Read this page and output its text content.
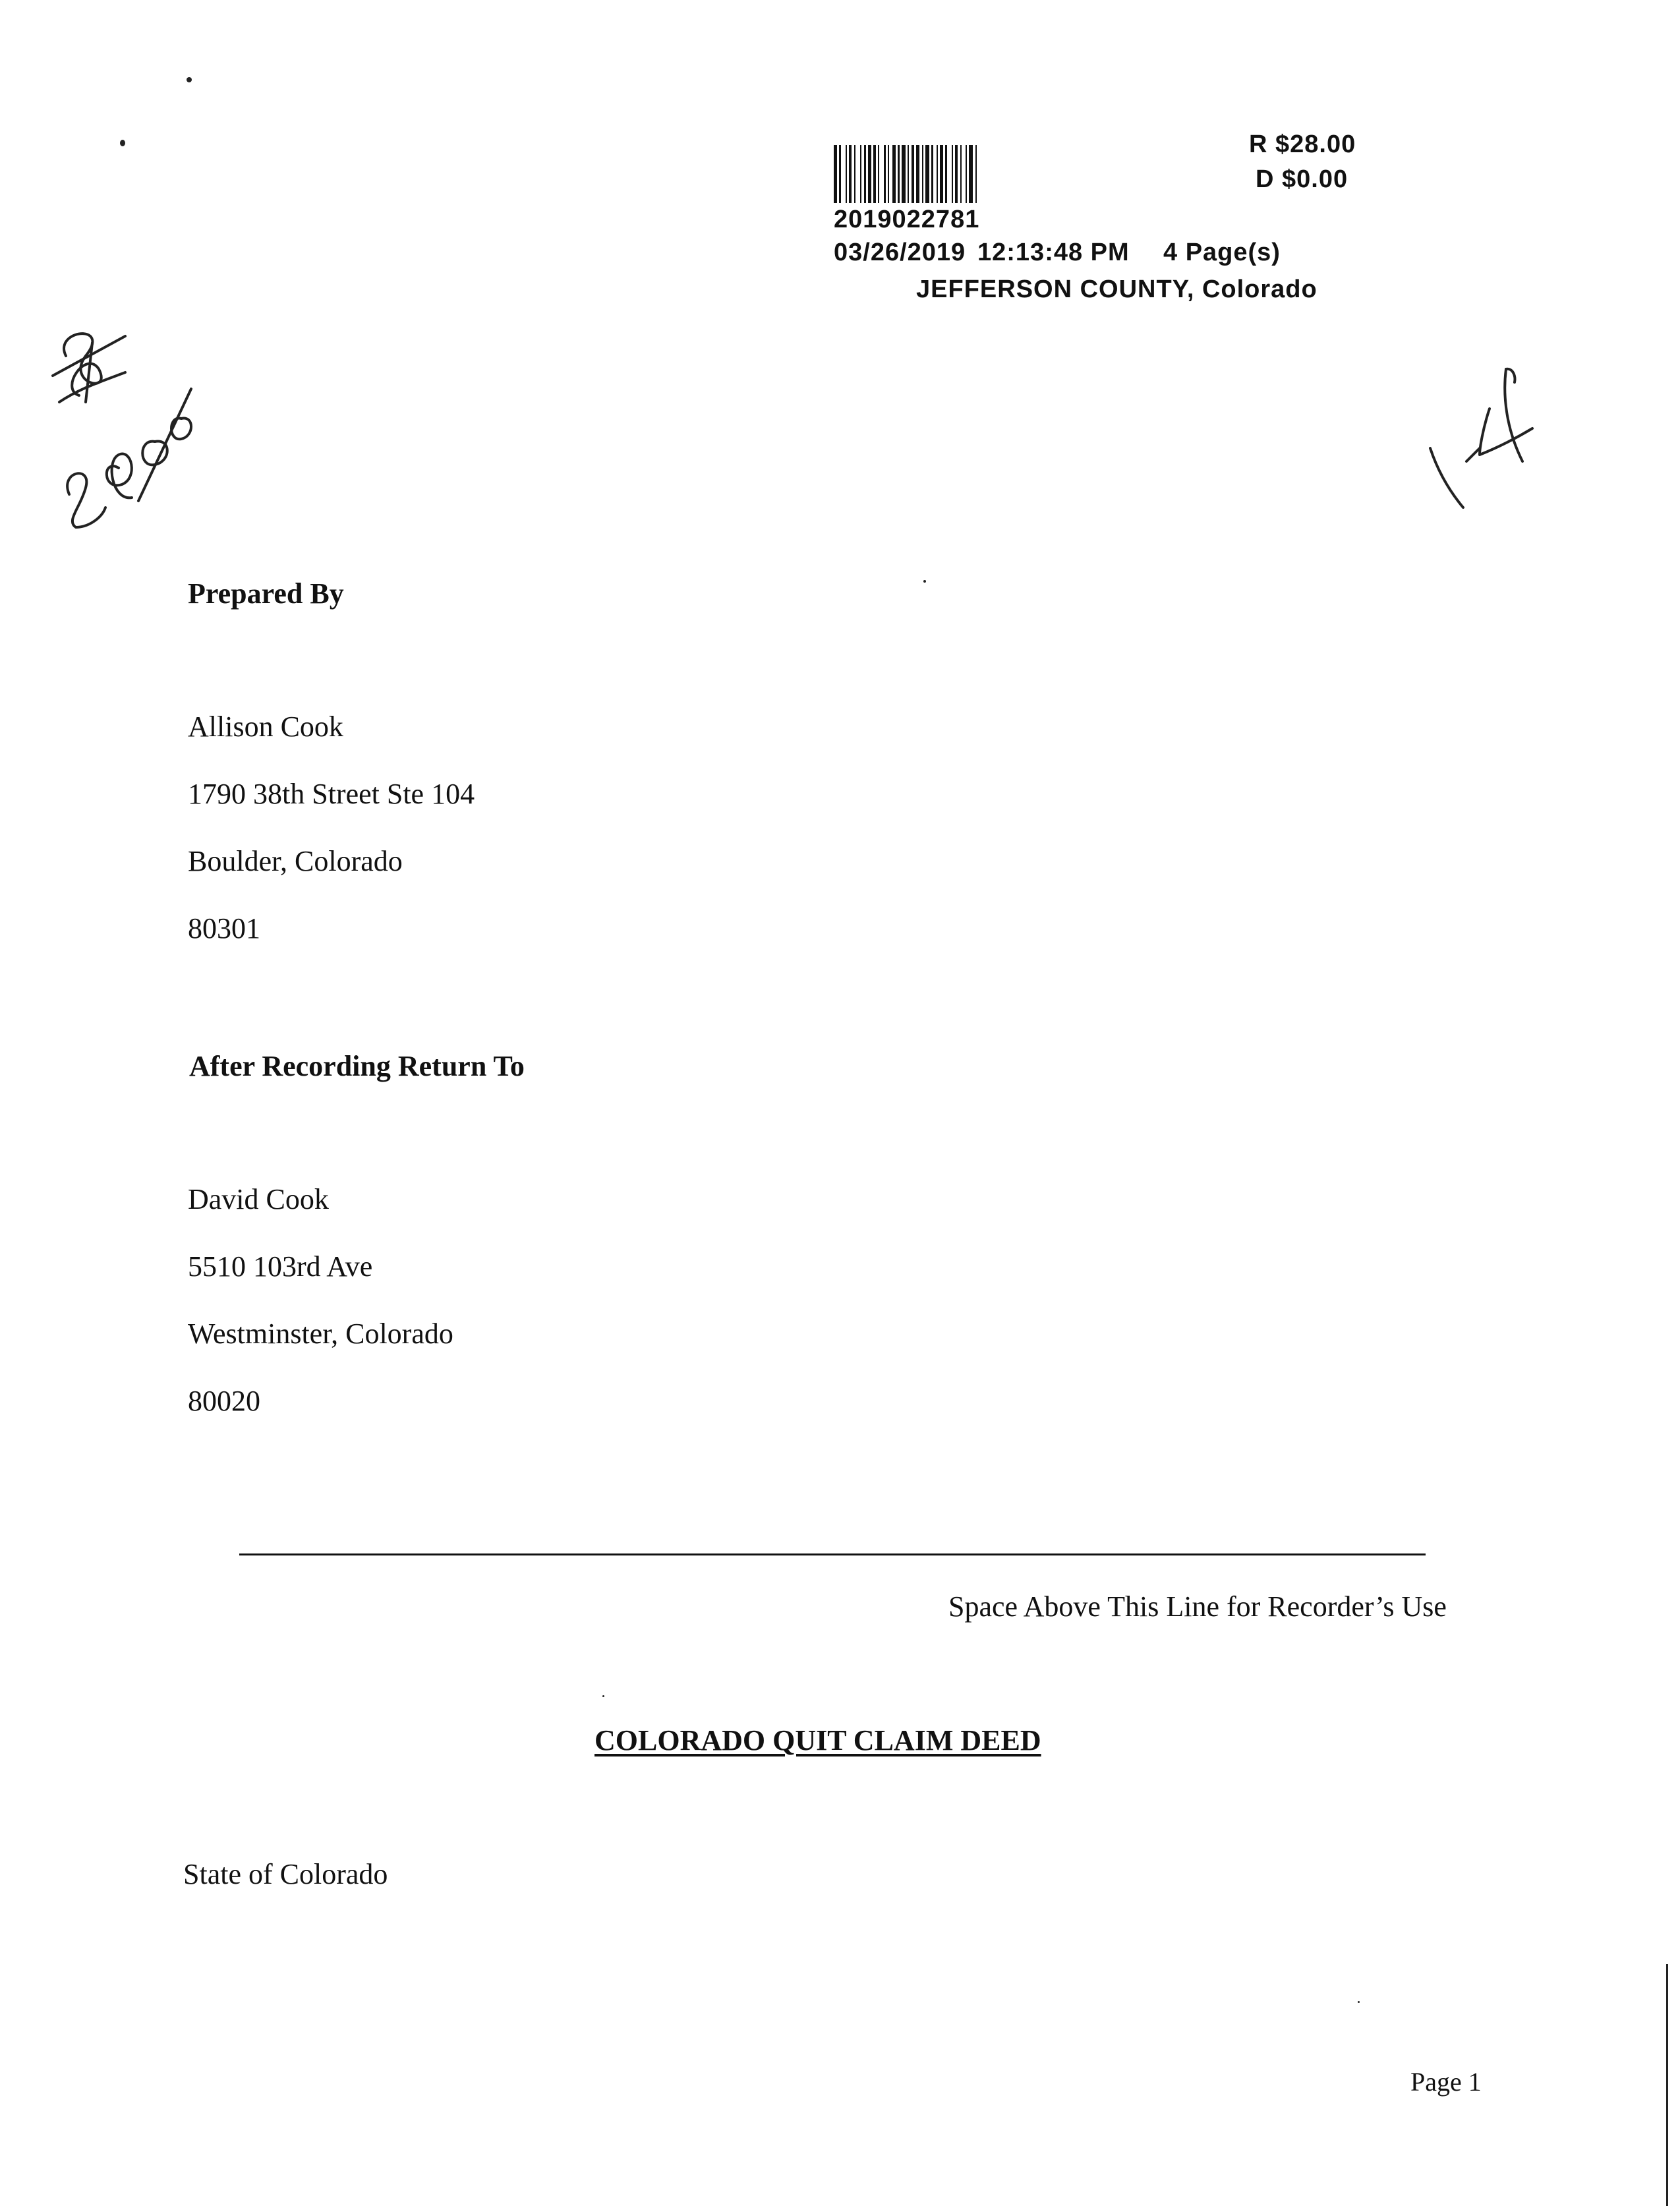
R $28.00
D $0.00
2019022781
03/26/2019 12:13:48 PM 4 Page(s)
JEFFERSON COUNTY, Colorado
Prepared By
Allison Cook
1790 38th Street Ste 104
Boulder, Colorado
80301
After Recording Return To
David Cook
5510 103rd Ave
Westminster, Colorado
80020
Space Above This Line for Recorder’s Use
COLORADO QUIT CLAIM DEED
State of Colorado
Page 1
